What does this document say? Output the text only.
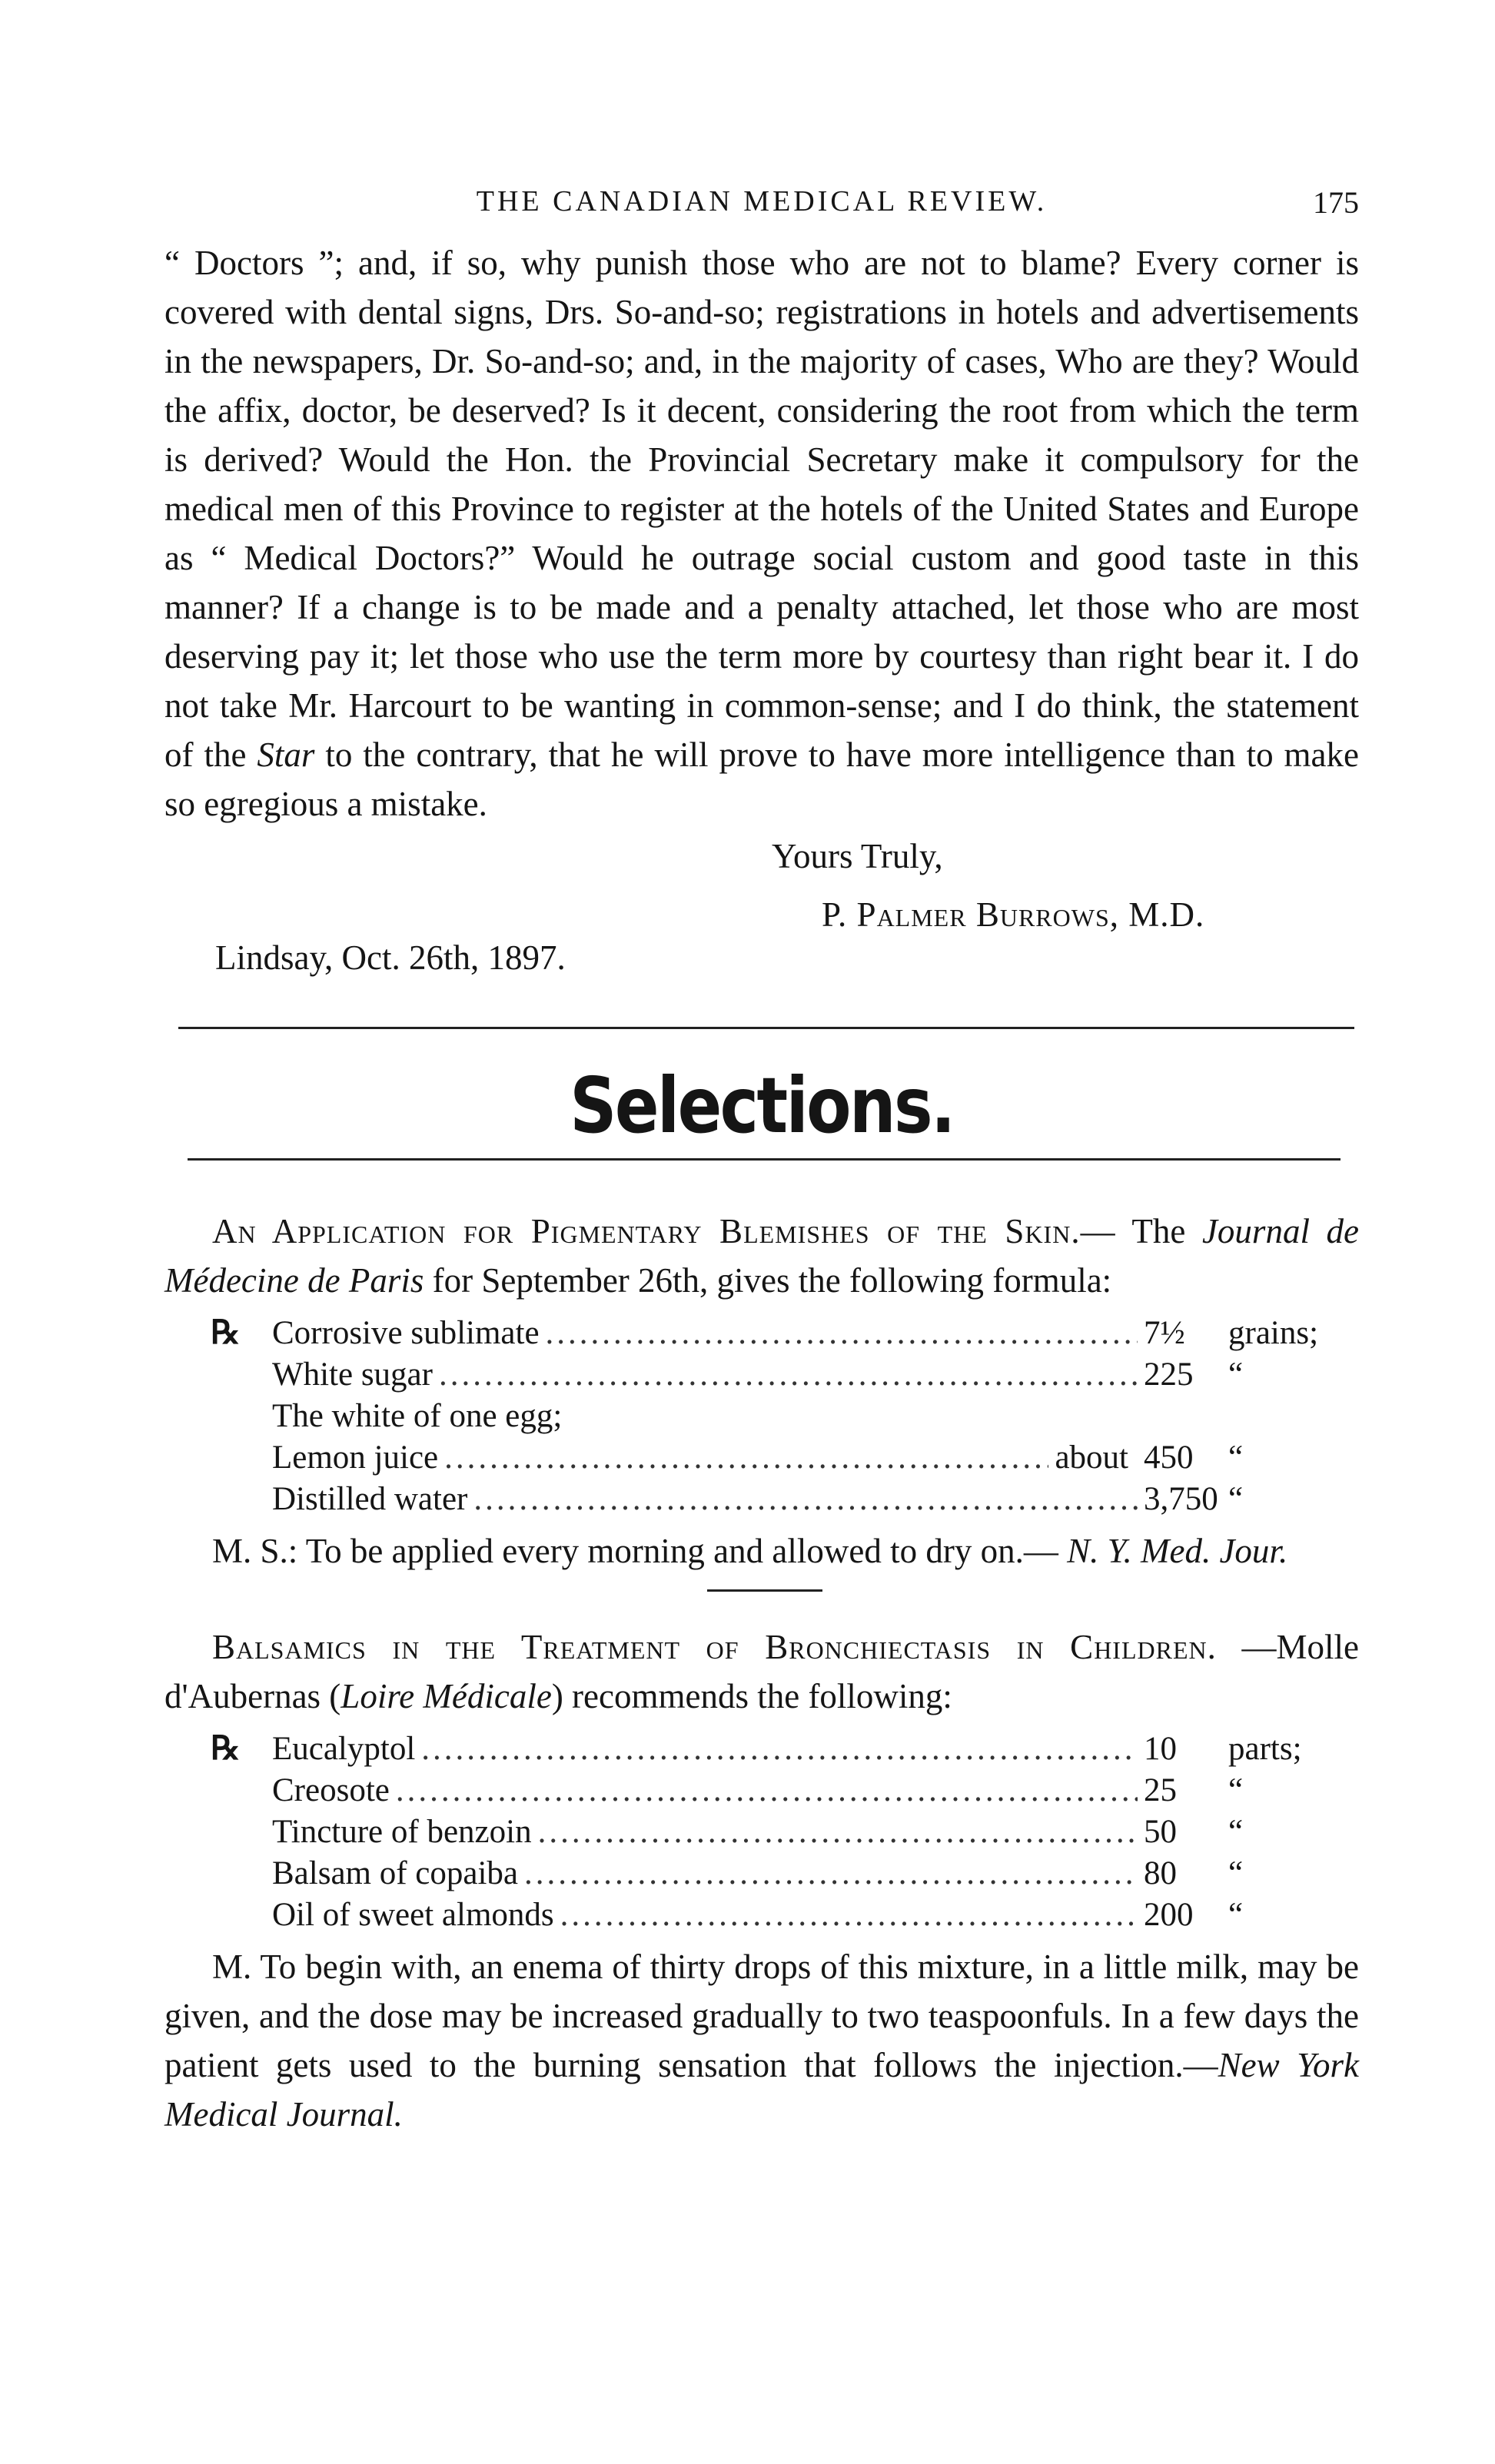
THE CANADIAN MEDICAL REVIEW.	175

“ Doctors ”; and, if so, why punish those who are not to blame? Every corner is covered with dental signs, Drs. So-and-so; registrations in hotels and advertisements in the newspapers, Dr. So-and-so; and, in the majority of cases, Who are they? Would the affix, doctor, be deserved? Is it decent, considering the root from which the term is derived? Would the Hon. the Provincial Secretary make it compulsory for the medical men of this Province to register at the hotels of the United States and Europe as “ Medical Doctors?” Would he outrage social custom and good taste in this manner? If a change is to be made and a penalty attached, let those who are most deserving pay it; let those who use the term more by courtesy than right bear it. I do not take Mr. Harcourt to be wanting in common-sense; and I do think, the statement of the Star to the contrary, that he will prove to have more intelligence than to make so egregious a mistake.

Yours Truly,
P. Palmer Burrows, M.D.
Lindsay, Oct. 26th, 1897.
Selections.

An Application for Pigmentary Blemishes of the Skin.— The Journal de Médecine de Paris for September 26th, gives the following formula:

℞ Corrosive sublimate .....	7½	grains;
White sugar .....	225	“
The white of one egg;
Lemon juice .....	about 450	“
Distilled water .....	3,750 “

M. S.: To be applied every morning and allowed to dry on.— N. Y. Med. Jour.

Balsamics in the Treatment of Bronchiectasis in Children. —Molle d'Aubernas (Loire Médicale) recommends the following:

℞ Eucalyptol .....	10	parts;
Creosote .....	25	“
Tincture of benzoin .....	50	“
Balsam of copaiba .....	80	“
Oil of sweet almonds .....	200	“

M. To begin with, an enema of thirty drops of this mixture, in a little milk, may be given, and the dose may be increased gradually to two teaspoonfuls. In a few days the patient gets used to the burning sensation that follows the injection.—New York Medical Journal.
